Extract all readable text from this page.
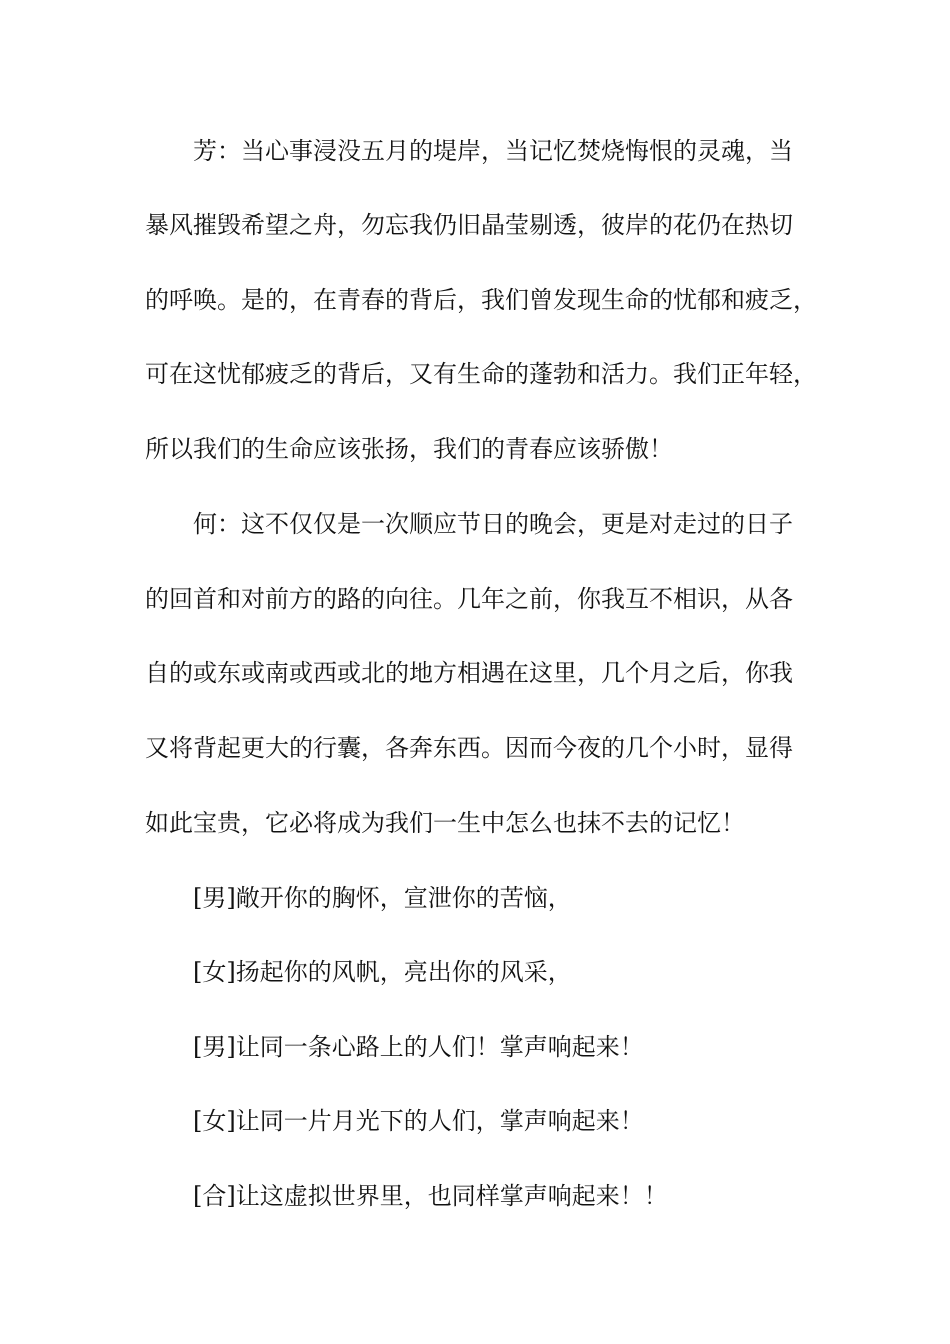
芳：当心事浸没五月的堤岸，当记忆焚烧悔恨的灵魂，当
暴风摧毁希望之舟，勿忘我仍旧晶莹剔透，彼岸的花仍在热切
的呼唤。是的，在青春的背后，我们曾发现生命的忧郁和疲乏，
可在这忧郁疲乏的背后，又有生命的蓬勃和活力。我们正年轻，
所以我们的生命应该张扬，我们的青春应该骄傲！
何：这不仅仅是一次顺应节日的晚会，更是对走过的日子
的回首和对前方的路的向往。几年之前，你我互不相识，从各
自的或东或南或西或北的地方相遇在这里，几个月之后，你我
又将背起更大的行囊，各奔东西。因而今夜的几个小时，显得
如此宝贵，它必将成为我们一生中怎么也抹不去的记忆！
[男]敞开你的胸怀，宣泄你的苦恼，
[女]扬起你的风帆，亮出你的风采，
[男]让同一条心路上的人们！掌声响起来！
[女]让同一片月光下的人们，掌声响起来！
[合]让这虚拟世界里，也同样掌声响起来！！
